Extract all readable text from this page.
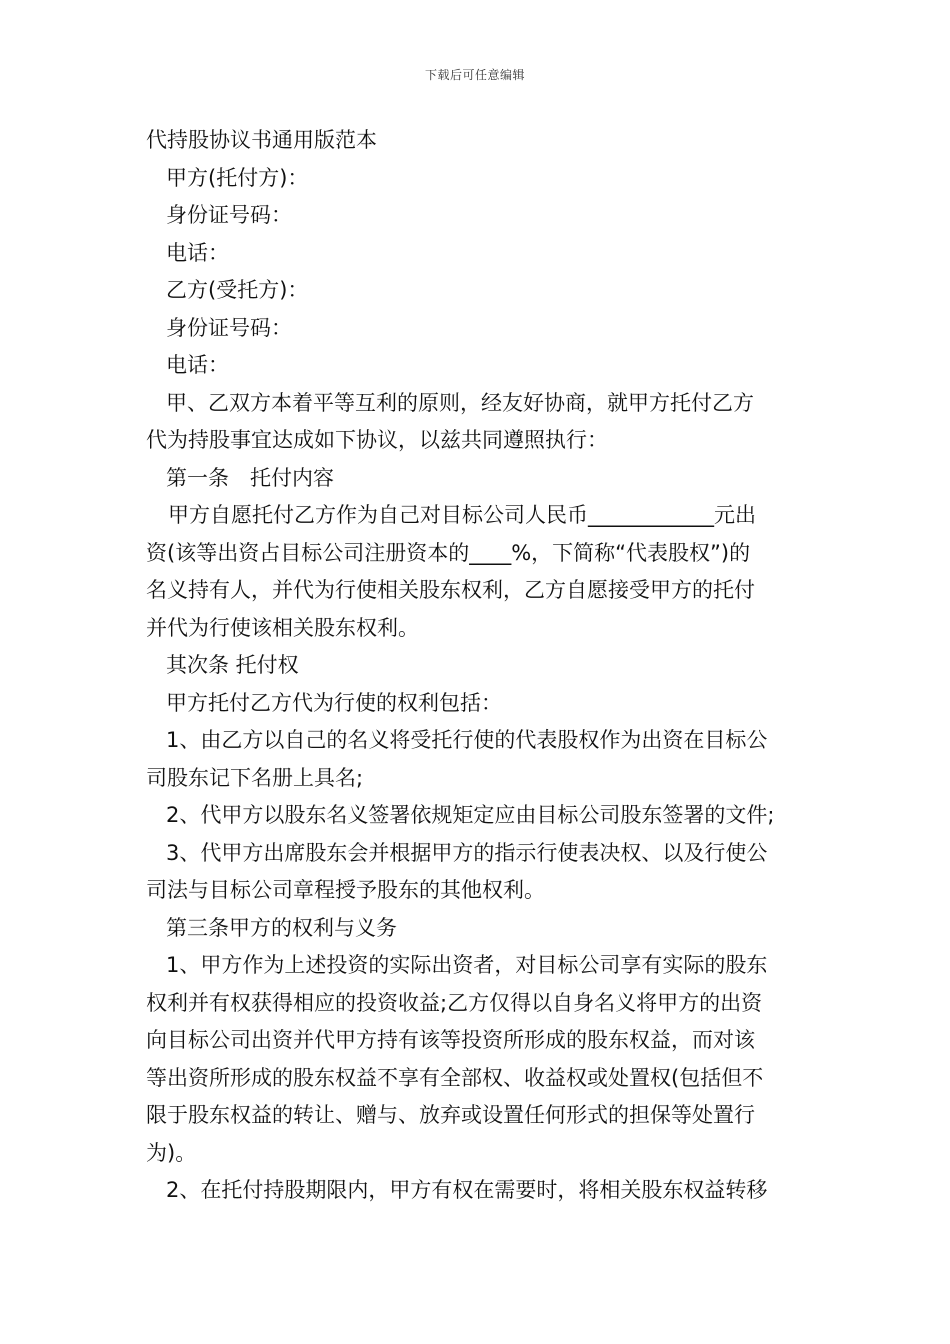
下载后可任意编辑
代持股协议书通用版范本
甲方(托付方)：
身份证号码：
电话：
乙方(受托方)：
身份证号码：
电话：
甲、乙双方本着平等互利的原则，经友好协商，就甲方托付乙方
代为持股事宜达成如下协议，以兹共同遵照执行：
第一条　托付内容
甲方自愿托付乙方作为自己对目标公司人民币____________元出
资(该等出资占目标公司注册资本的____%，下简称“代表股权”)的
名义持有人，并代为行使相关股东权利，乙方自愿接受甲方的托付
并代为行使该相关股东权利。
其次条 托付权
甲方托付乙方代为行使的权利包括：
1、由乙方以自己的名义将受托行使的代表股权作为出资在目标公
司股东记下名册上具名;
2、代甲方以股东名义签署依规矩定应由目标公司股东签署的文件;
3、代甲方出席股东会并根据甲方的指示行使表决权、以及行使公
司法与目标公司章程授予股东的其他权利。
第三条甲方的权利与义务
1、甲方作为上述投资的实际出资者，对目标公司享有实际的股东
权利并有权获得相应的投资收益;乙方仅得以自身名义将甲方的出资
向目标公司出资并代甲方持有该等投资所形成的股东权益，而对该
等出资所形成的股东权益不享有全部权、收益权或处置权(包括但不
限于股东权益的转让、赠与、放弃或设置任何形式的担保等处置行
为)。
2、在托付持股期限内，甲方有权在需要时，将相关股东权益转移
